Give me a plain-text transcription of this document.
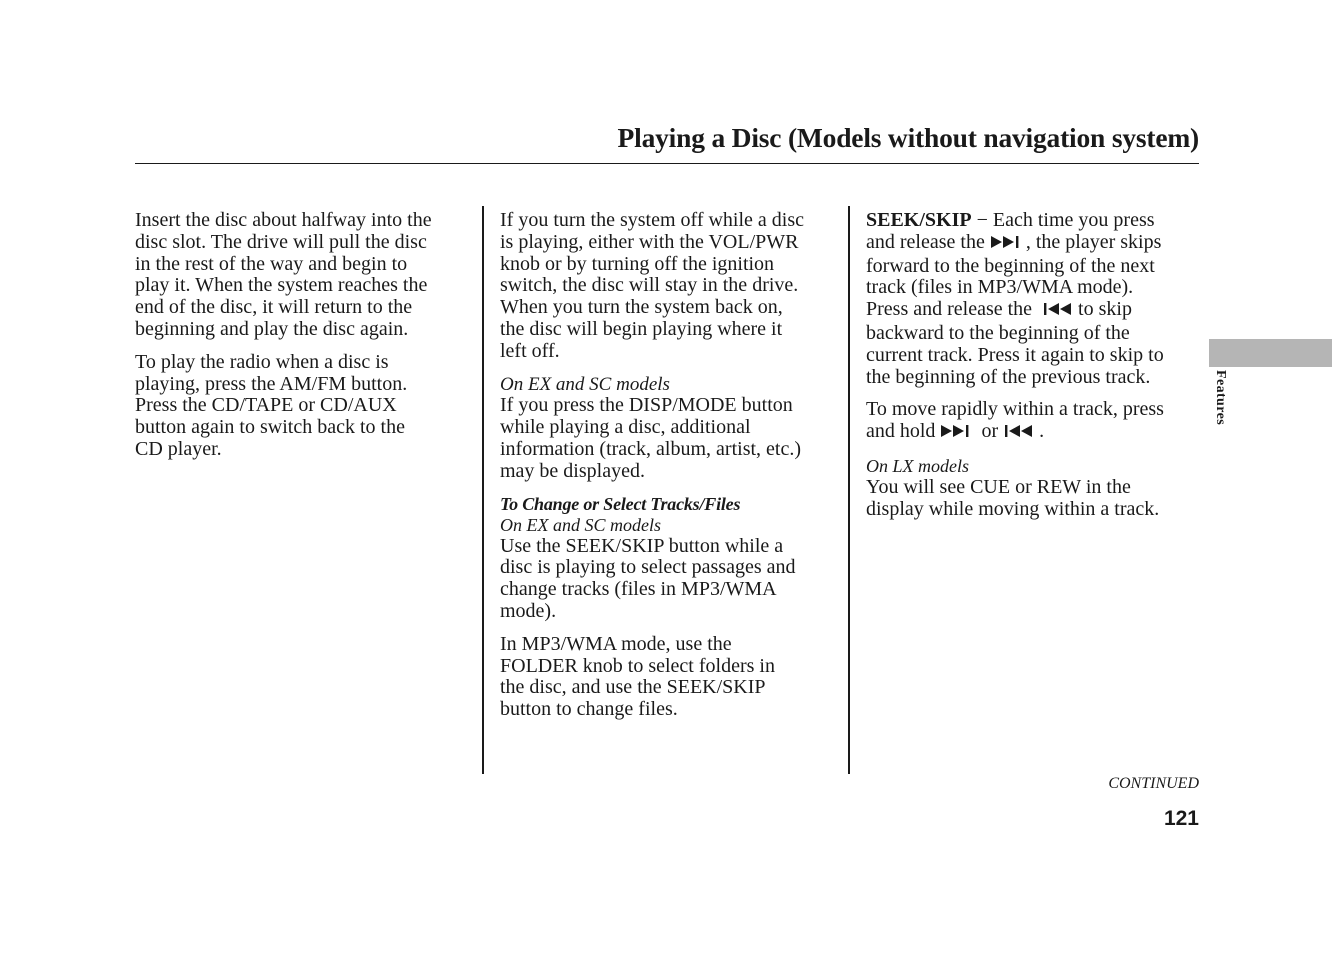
Playing a Disc (Models without navigation system)

Insert the disc about halfway into the
disc slot. The drive will pull the disc
in the rest of the way and begin to
play it. When the system reaches the
end of the disc, it will return to the
beginning and play the disc again.

To play the radio when a disc is
playing, press the AM/FM button.
Press the CD/TAPE or CD/AUX
button again to switch back to the
CD player.

If you turn the system off while a disc
is playing, either with the VOL/PWR
knob or by turning off the ignition
switch, the disc will stay in the drive.
When you turn the system back on,
the disc will begin playing where it
left off.

On EX and SC models
If you press the DISP/MODE button
while playing a disc, additional
information (track, album, artist, etc.)
may be displayed.

To Change or Select Tracks/Files
On EX and SC models
Use the SEEK/SKIP button while a
disc is playing to select passages and
change tracks (files in MP3/WMA
mode).

In MP3/WMA mode, use the
FOLDER knob to select folders in
the disc, and use the SEEK/SKIP
button to change files.

SEEK/SKIP − Each time you press
and release the , the player skips
forward to the beginning of the next
track (files in MP3/WMA mode).
Press and release the  to skip
backward to the beginning of the
current track. Press it again to skip to
the beginning of the previous track.

To move rapidly within a track, press
and hold  or .

On LX models
You will see CUE or REW in the
display while moving within a track.

Features
CONTINUED
121
